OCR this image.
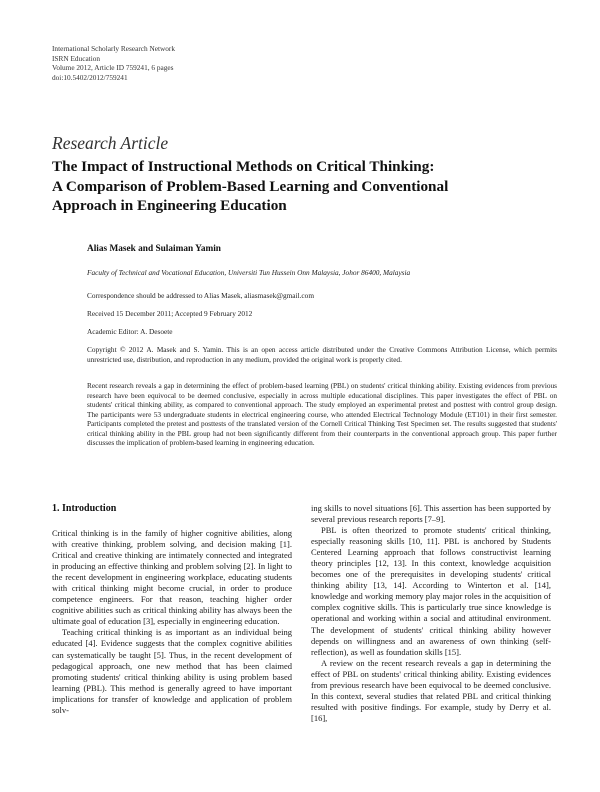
International Scholarly Research Network
ISRN Education
Volume 2012, Article ID 759241, 6 pages
doi:10.5402/2012/759241
Research Article
The Impact of Instructional Methods on Critical Thinking:
A Comparison of Problem-Based Learning and Conventional
Approach in Engineering Education
Alias Masek and Sulaiman Yamin
Faculty of Technical and Vocational Education, Universiti Tun Hussein Onn Malaysia, Johor 86400, Malaysia
Correspondence should be addressed to Alias Masek, aliasmasek@gmail.com
Received 15 December 2011; Accepted 9 February 2012
Academic Editor: A. Desoete
Copyright © 2012 A. Masek and S. Yamin. This is an open access article distributed under the Creative Commons Attribution License, which permits unrestricted use, distribution, and reproduction in any medium, provided the original work is properly cited.
Recent research reveals a gap in determining the effect of problem-based learning (PBL) on students' critical thinking ability. Existing evidences from previous research have been equivocal to be deemed conclusive, especially in across multiple educational disciplines. This paper investigates the effect of PBL on students' critical thinking ability, as compared to conventional approach. The study employed an experimental pretest and posttest with control group design. The participants were 53 undergraduate students in electrical engineering course, who attended Electrical Technology Module (ET101) in their first semester. Participants completed the pretest and posttests of the translated version of the Cornell Critical Thinking Test Specimen set. The results suggested that students' critical thinking ability in the PBL group had not been significantly different from their counterparts in the conventional approach group. This paper further discusses the implication of problem-based learning in engineering education.
1. Introduction

Critical thinking is in the family of higher cognitive abilities, along with creative thinking, problem solving, and decision making [1]. Critical and creative thinking are intimately connected and integrated in producing an effective thinking and problem solving [2]. In light to the recent development in engineering workplace, educating students with critical thinking might become crucial, in order to produce competence engineers. For that reason, teaching higher order cognitive abilities such as critical thinking ability has always been the ultimate goal of education [3], especially in engineering education.

Teaching critical thinking is as important as an individual being educated [4]. Evidence suggests that the complex cognitive abilities can systematically be taught [5]. Thus, in the recent development of pedagogical approach, one new method that has been claimed promoting students' critical thinking ability is using problem based learning (PBL). This method is generally agreed to have important implications for transfer of knowledge and application of problem solv-

ing skills to novel situations [6]. This assertion has been supported by several previous research reports [7–9].

PBL is often theorized to promote students' critical thinking, especially reasoning skills [10, 11]. PBL is anchored by Students Centered Learning approach that follows constructivist learning theory principles [12, 13]. In this context, knowledge acquisition becomes one of the prerequisites in developing students' critical thinking ability [13, 14]. According to Winterton et al. [14], knowledge and working memory play major roles in the acquisition of complex cognitive skills. This is particularly true since knowledge is operational and working within a social and attitudinal environment. The development of students' critical thinking ability however depends on willingness and an awareness of own thinking (self-reflection), as well as foundation skills [15].

A review on the recent research reveals a gap in determining the effect of PBL on students' critical thinking ability. Existing evidences from previous research have been equivocal to be deemed conclusive. In this context, several studies that related PBL and critical thinking resulted with positive findings. For example, study by Derry et al. [16],
